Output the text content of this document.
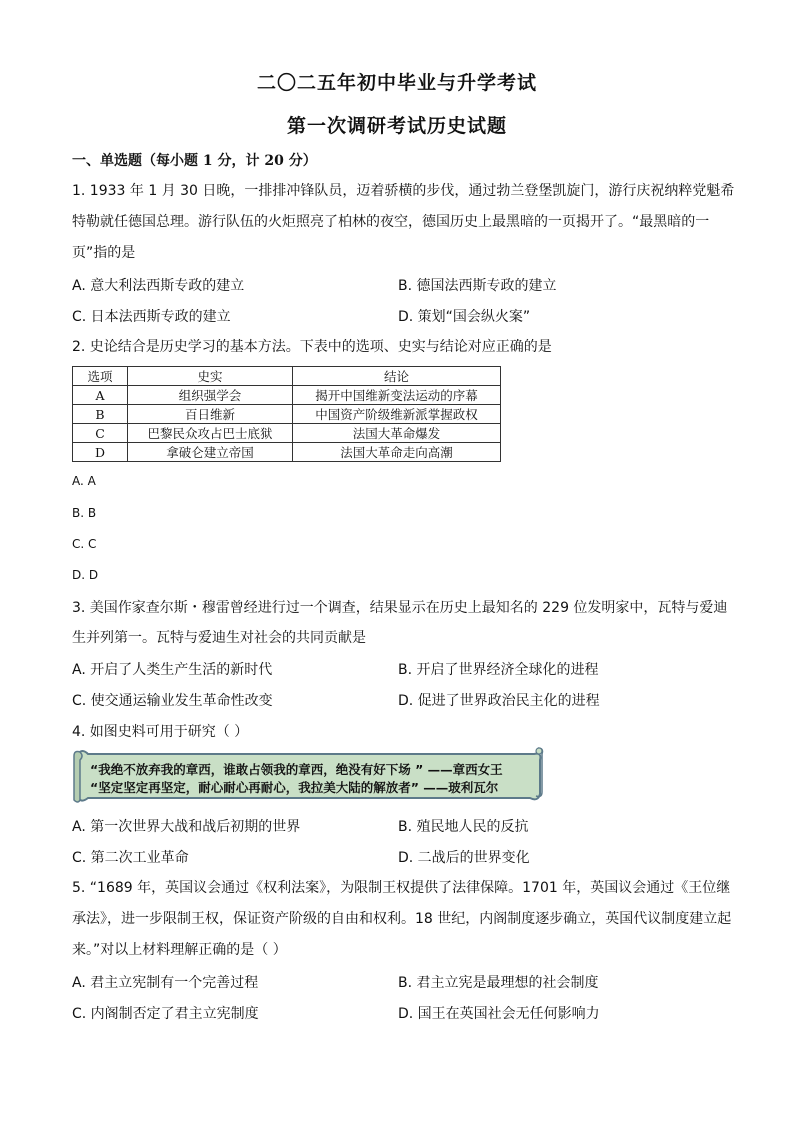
二〇二五年初中毕业与升学考试
第一次调研考试历史试题
一、单选题（每小题 1 分，计 20 分）
1. 1933 年 1 月 30 日晚，一排排冲锋队员，迈着骄横的步伐，通过勃兰登堡凯旋门，游行庆祝纳粹党魁希
特勒就任德国总理。游行队伍的火炬照亮了柏林的夜空，德国历史上最黑暗的一页揭开了。“最黑暗的一
页”指的是
A. 意大利法西斯专政的建立	B. 德国法西斯专政的建立
C. 日本法西斯专政的建立	D. 策划“国会纵火案”
2. 史论结合是历史学习的基本方法。下表中的选项、史实与结论对应正确的是
选项	史实	结论
A	组织强学会	揭开中国维新变法运动的序幕
B	百日维新	中国资产阶级维新派掌握政权
C	巴黎民众攻占巴士底狱	法国大革命爆发
D	拿破仑建立帝国	法国大革命走向高潮
A. A
B. B
C. C
D. D
3. 美国作家查尔斯・穆雷曾经进行过一个调查，结果显示在历史上最知名的 229 位发明家中，瓦特与爱迪
生并列第一。瓦特与爱迪生对社会的共同贡献是
A. 开启了人类生产生活的新时代	B. 开启了世界经济全球化的进程
C. 使交通运输业发生革命性改变	D. 促进了世界政治民主化的进程
4. 如图史料可用于研究（ ）
“我绝不放弃我的章西，谁敢占领我的章西，绝没有好下场 ” ——章西女王
“坚定坚定再坚定，耐心耐心再耐心，我拉美大陆的解放者” ——玻利瓦尔
A. 第一次世界大战和战后初期的世界	B. 殖民地人民的反抗
C. 第二次工业革命	D. 二战后的世界变化
5. “1689 年，英国议会通过《权利法案》，为限制王权提供了法律保障。1701 年，英国议会通过《王位继
承法》，进一步限制王权，保证资产阶级的自由和权利。18 世纪，内阁制度逐步确立，英国代议制度建立起
来。”对以上材料理解正确的是（ ）
A. 君主立宪制有一个完善过程	B. 君主立宪是最理想的社会制度
C. 内阁制否定了君主立宪制度	D. 国王在英国社会无任何影响力
